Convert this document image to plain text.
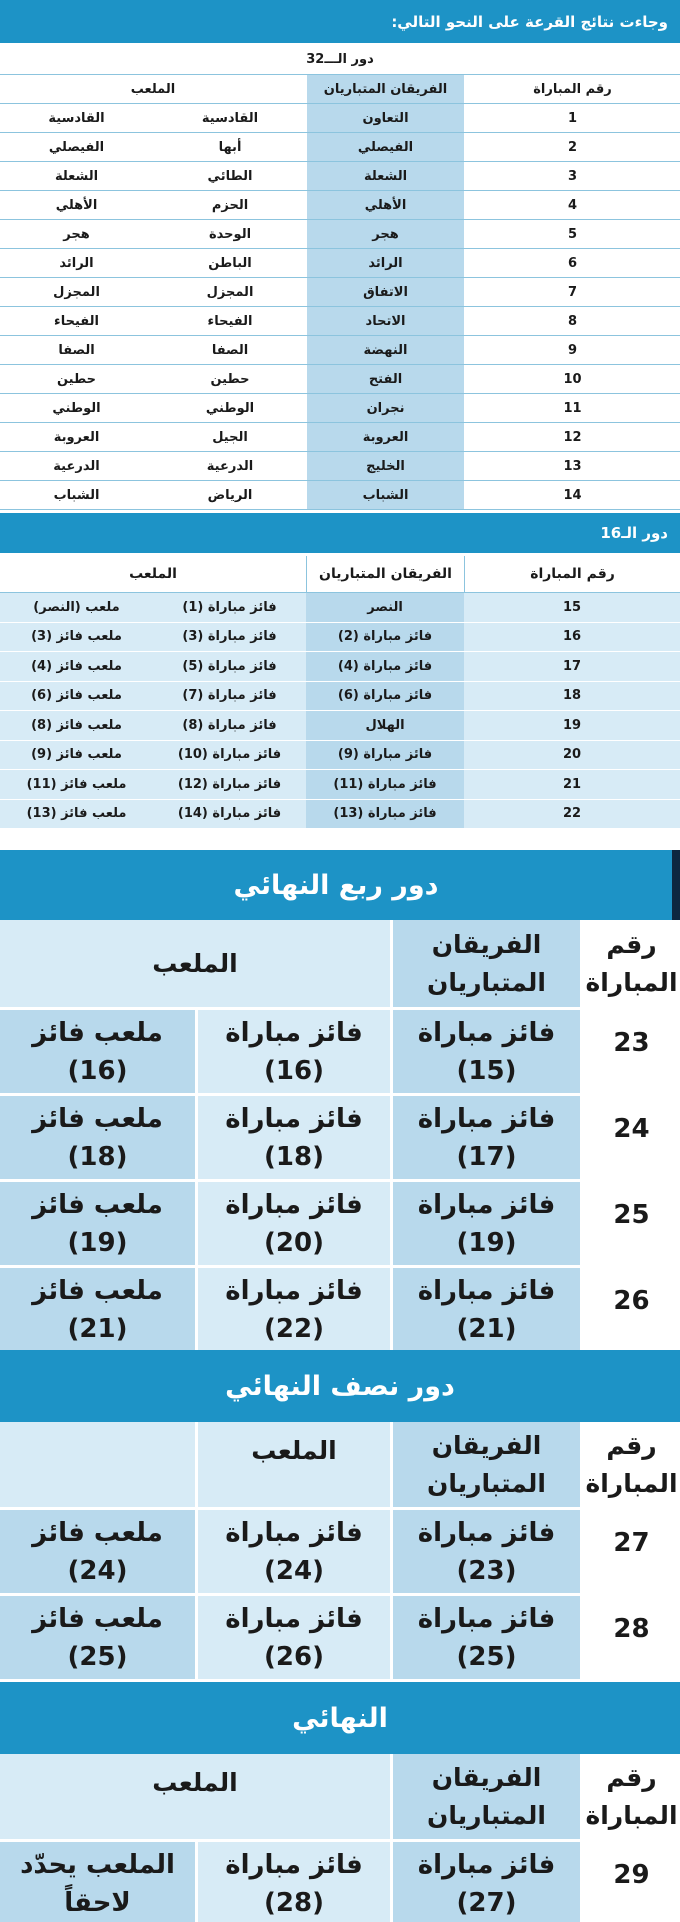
وجاءت نتائج القرعة على النحو التالي:
دور الـــ32
رقم المباراة
الفريقان المتباريان
الملعب
1
التعاون
القادسية
القادسية
2
الفيصلي
أبها
الفيصلي
3
الشعلة
الطائي
الشعلة
4
الأهلي
الحزم
الأهلي
5
هجر
الوحدة
هجر
6
الرائد
الباطن
الرائد
7
الاتفاق
المجزل
المجزل
8
الاتحاد
الفيحاء
الفيحاء
9
النهضة
الصفا
الصفا
10
الفتح
حطين
حطين
11
نجران
الوطني
الوطني
12
العروبة
الجيل
العروبة
13
الخليج
الدرعية
الدرعية
14
الشباب
الرياض
الشباب
دور الـ16
رقم المباراة
الفريقان المتباريان
الملعب
15
النصر
فائز مباراة (1)
ملعب (النصر)
16
فائز مباراة (2)
فائز مباراة (3)
ملعب فائز (3)
17
فائز مباراة (4)
فائز مباراة (5)
ملعب فائز (4)
18
فائز مباراة (6)
فائز مباراة (7)
ملعب فائز (6)
19
الهلال
فائز مباراة (8)
ملعب فائز (8)
20
فائز مباراة (9)
فائز مباراة (10)
ملعب فائز (9)
21
فائز مباراة (11)
فائز مباراة (12)
ملعب فائز (11)
22
فائز مباراة (13)
فائز مباراة (14)
ملعب فائز (13)
دور ربع النهائي
رقم
المباراة
الفريقان
المتباريان
الملعب
23
فائز مباراة
(15)
فائز مباراة
(16)
ملعب فائز
(16)
24
فائز مباراة
(17)
فائز مباراة
(18)
ملعب فائز
(18)
25
فائز مباراة
(19)
فائز مباراة
(20)
ملعب فائز
(19)
26
فائز مباراة
(21)
فائز مباراة
(22)
ملعب فائز
(21)
دور نصف النهائي
رقم
المباراة
الفريقان
المتباريان
الملعب
27
فائز مباراة
(23)
فائز مباراة
(24)
ملعب فائز
(24)
28
فائز مباراة
(25)
فائز مباراة
(26)
ملعب فائز
(25)
النهائي
رقم
المباراة
الفريقان
المتباريان
الملعب
29
فائز مباراة
(27)
فائز مباراة
(28)
الملعب يحدّد
لاحقاً
